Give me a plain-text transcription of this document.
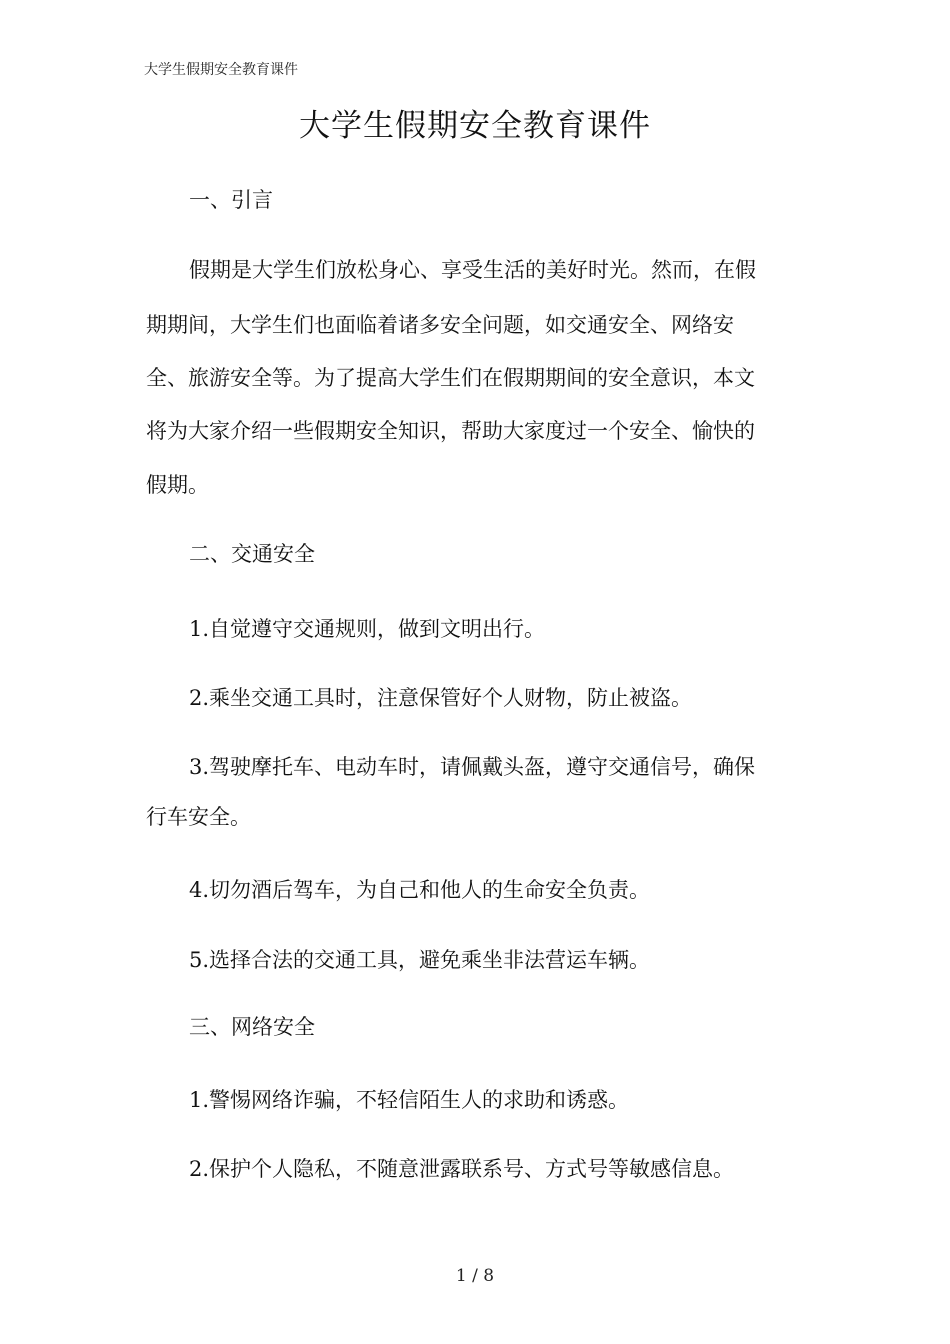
大学生假期安全教育课件
大学生假期安全教育课件
一、引言
假期是大学生们放松身心、享受生活的美好时光。然而，在假
期期间，大学生们也面临着诸多安全问题，如交通安全、网络安
全、旅游安全等。为了提高大学生们在假期期间的安全意识，本文
将为大家介绍一些假期安全知识，帮助大家度过一个安全、愉快的
假期。
二、交通安全
1.自觉遵守交通规则，做到文明出行。
2.乘坐交通工具时，注意保管好个人财物，防止被盗。
3.驾驶摩托车、电动车时，请佩戴头盔，遵守交通信号，确保
行车安全。
4.切勿酒后驾车，为自己和他人的生命安全负责。
5.选择合法的交通工具，避免乘坐非法营运车辆。
三、网络安全
1.警惕网络诈骗，不轻信陌生人的求助和诱惑。
2.保护个人隐私，不随意泄露联系号、方式号等敏感信息。
1 / 8
